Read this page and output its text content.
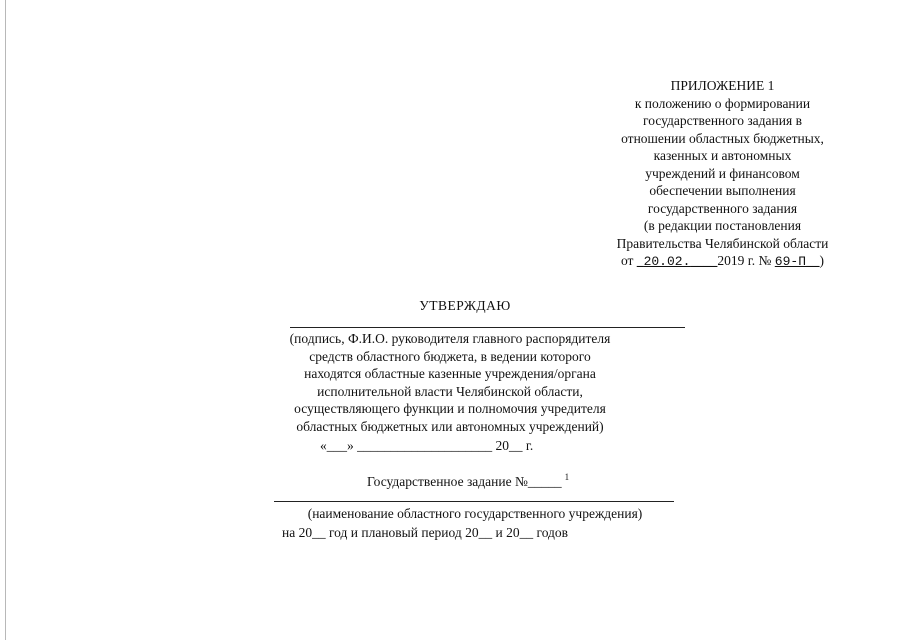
ПРИЛОЖЕНИЕ 1
к положению о формировании
государственного задания в
отношении областных бюджетных,
казенных и автономных
учреждений и финансовом
обеспечении выполнения
государственного задания
(в редакции постановления
Правительства Челябинской области
от _20.02.____2019 г. № 69-П__)
УТВЕРЖДАЮ
(подпись, Ф.И.О. руководителя главного распорядителя
средств областного бюджета, в ведении которого
находятся областные казенные учреждения/органа
исполнительной власти Челябинской области,
осуществляющего функции и полномочия учредителя
областных бюджетных или автономных учреждений)
«___» ____________________ 20__ г.
Государственное задание №_____ $^1$
(наименование областного государственного учреждения)
на 20__ год и плановый период 20__ и 20__ годов
